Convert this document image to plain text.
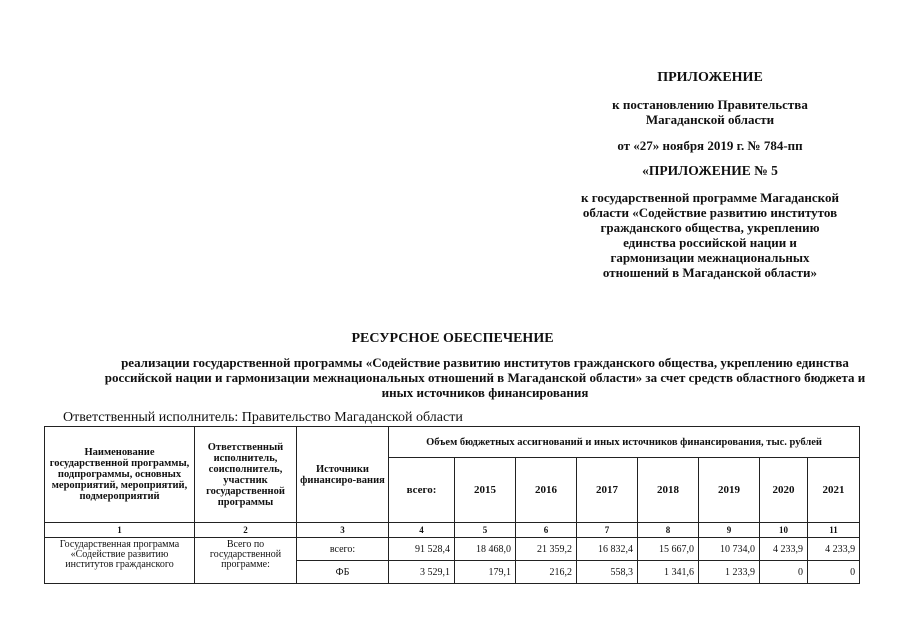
ПРИЛОЖЕНИЕ
к постановлению Правительства Магаданской области
от «27» ноября 2019 г. № 784-пп
«ПРИЛОЖЕНИЕ № 5
к государственной программе Магаданской области «Содействие развитию институтов гражданского общества, укреплению единства российской нации и гармонизации межнациональных отношений в Магаданской области»
РЕСУРСНОЕ ОБЕСПЕЧЕНИЕ
реализации государственной программы «Содействие развитию институтов гражданского общества, укреплению единства российской нации и гармонизации межнациональных отношений в Магаданской области» за счет средств областного бюджета и иных источников финансирования
Ответственный исполнитель: Правительство Магаданской области
Наименование государственной программы, подпрограммы, основных мероприятий, мероприятий, подмероприятий	Ответственный исполнитель, соисполнитель, участник государственной программы	Источники финансиро-вания	Объем бюджетных ассигнований и иных источников финансирования, тыс. рублей							
			всего:	2015	2016	2017	2018	2019	2020	2021
1	2	3	4	5	6	7	8	9	10	11
Государственная программа «Содействие развитию институтов гражданского	Всего по государственной программе:	всего:	91 528,4	18 468,0	21 359,2	16 832,4	15 667,0	10 734,0	4 233,9	4 233,9
		ФБ	3 529,1	179,1	216,2	558,3	1 341,6	1 233,9	0	0
